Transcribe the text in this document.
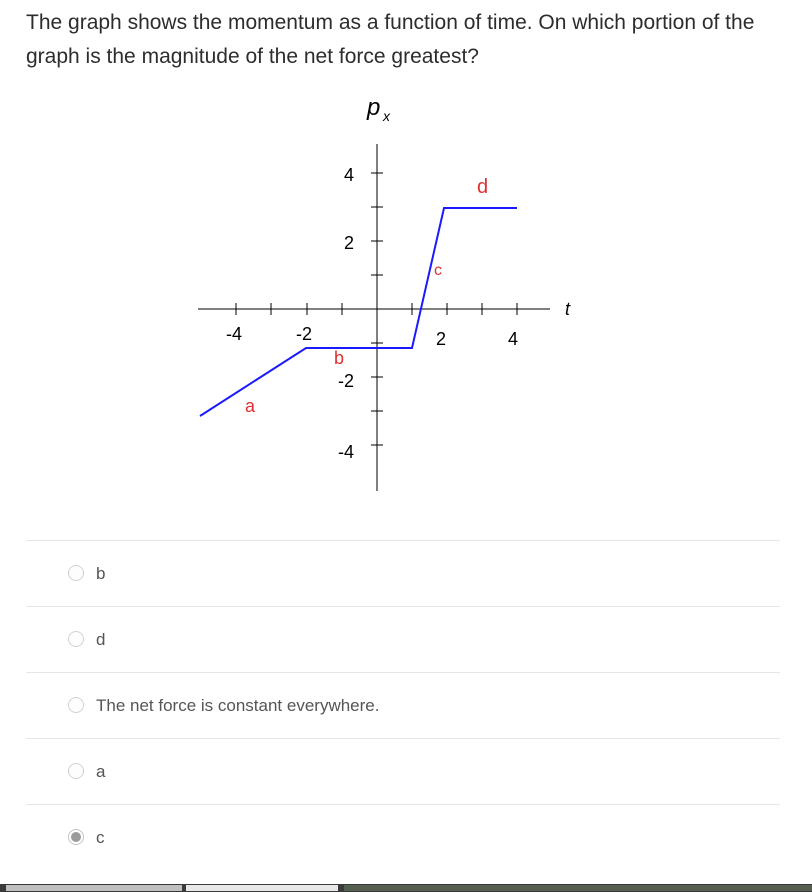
The graph shows the momentum as a function of time. On which portion of the graph is the magnitude of the net force greatest?
p x
t
-4	-2	2	4
4
2
-2
-4
a
b
c
d
b
d
The net force is constant everywhere.
a
c
